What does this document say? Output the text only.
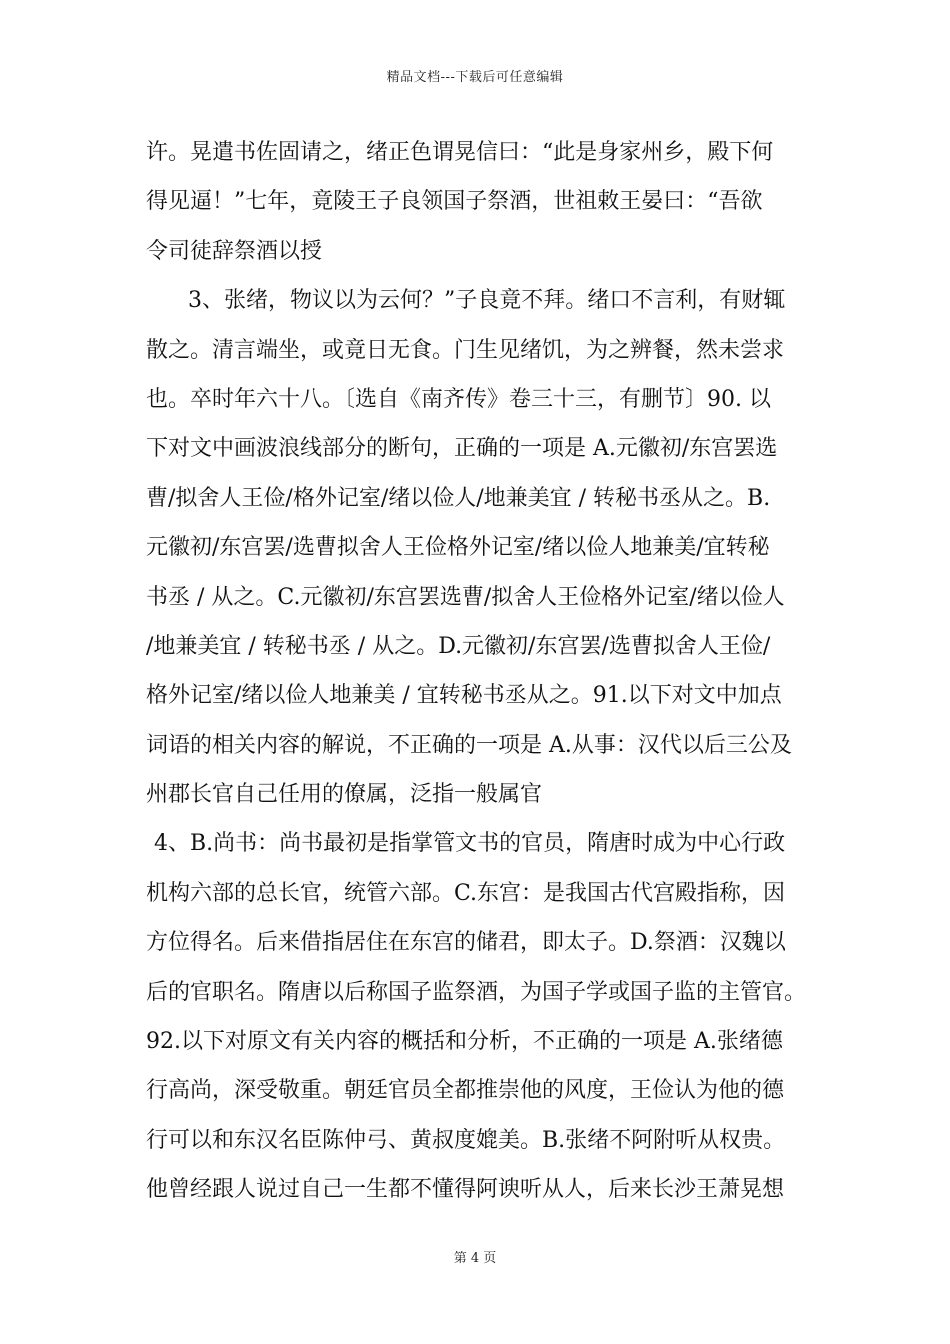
精品文档---下载后可任意编辑
许。晃遣书佐固请之，绪正色谓晃信曰：“此是身家州乡，殿下何
得见逼！”七年，竟陵王子良领国子祭酒，世祖敕王晏曰：“吾欲
令司徒辞祭酒以授
3、张绪，物议以为云何？”子良竟不拜。绪口不言利，有财辄
散之。清言端坐，或竟日无食。门生见绪饥，为之辨餐，然未尝求
也。卒时年六十八。〔选自《南齐传》卷三十三，有删节〕90. 以
下对文中画波浪线部分的断句，正确的一项是 A.元徽初/东宫罢选
曹/拟舍人王俭/格外记室/绪以俭人/地兼美宜 / 转秘书丞从之。B.
元徽初/东宫罢/选曹拟舍人王俭格外记室/绪以俭人地兼美/宜转秘
书丞 / 从之。C.元徽初/东宫罢选曹/拟舍人王俭格外记室/绪以俭人
/地兼美宜 / 转秘书丞 / 从之。D.元徽初/东宫罢/选曹拟舍人王俭/
格外记室/绪以俭人地兼美 / 宜转秘书丞从之。91.以下对文中加点
词语的相关内容的解说，不正确的一项是 A.从事：汉代以后三公及
州郡长官自己任用的僚属，泛指一般属官
4、B.尚书：尚书最初是指掌管文书的官员，隋唐时成为中心行政
机构六部的总长官，统管六部。C.东宫：是我国古代宫殿指称，因
方位得名。后来借指居住在东宫的储君，即太子。D.祭酒：汉魏以
后的官职名。隋唐以后称国子监祭酒，为国子学或国子监的主管官。
92.以下对原文有关内容的概括和分析，不正确的一项是 A.张绪德
行高尚，深受敬重。朝廷官员全都推崇他的风度，王俭认为他的德
行可以和东汉名臣陈仲弓、黄叔度媲美。B.张绪不阿附听从权贵。
他曾经跟人说过自己一生都不懂得阿谀听从人，后来长沙王萧晃想
第 4 页
